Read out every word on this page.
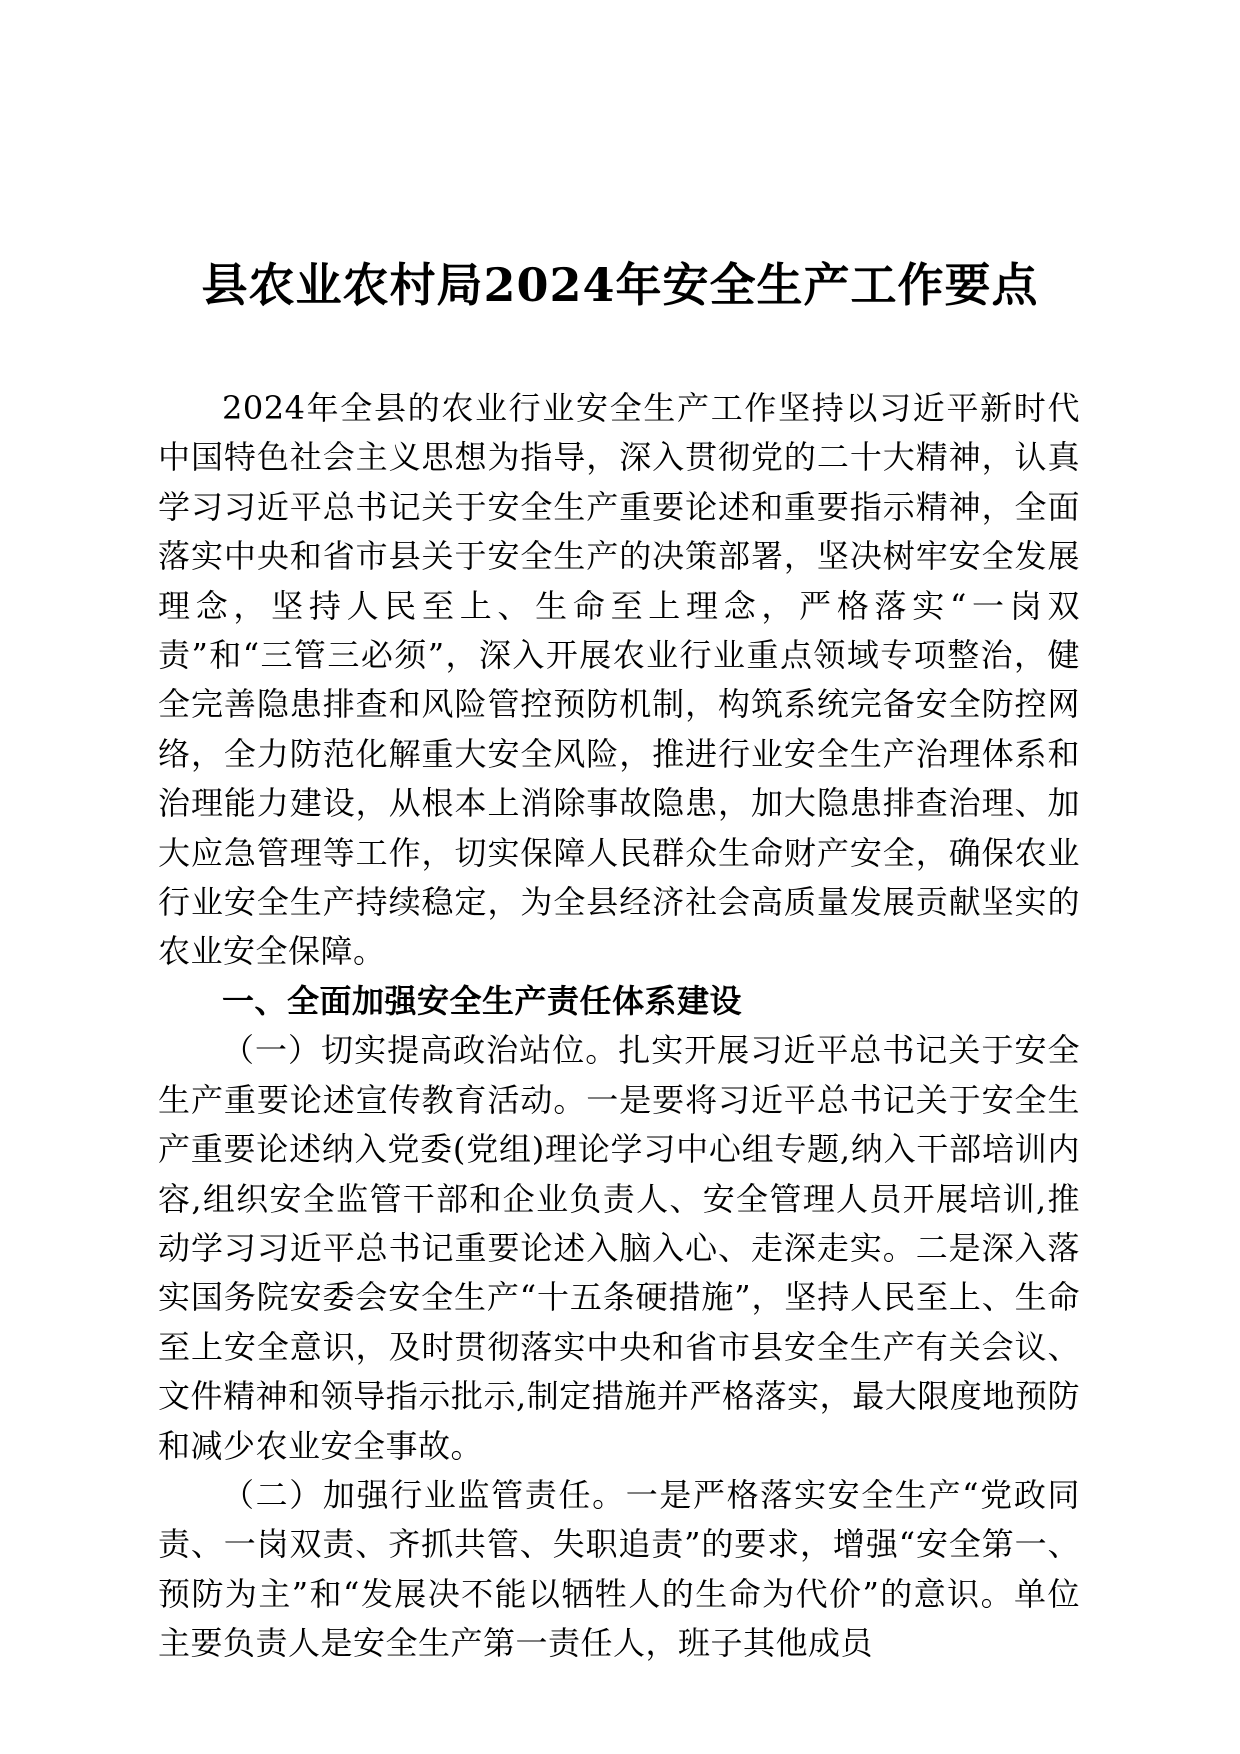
县农业农村局2024年安全生产工作要点

2024年全县的农业行业安全生产工作坚持以习近平新时代中国特色社会主义思想为指导，深入贯彻党的二十大精神，认真学习习近平总书记关于安全生产重要论述和重要指示精神，全面落实中央和省市县关于安全生产的决策部署，坚决树牢安全发展理念，坚持人民至上、生命至上理念，严格落实“一岗双责”和“三管三必须”，深入开展农业行业重点领域专项整治，健全完善隐患排查和风险管控预防机制，构筑系统完备安全防控网络，全力防范化解重大安全风险，推进行业安全生产治理体系和治理能力建设，从根本上消除事故隐患，加大隐患排查治理、加大应急管理等工作，切实保障人民群众生命财产安全，确保农业行业安全生产持续稳定，为全县经济社会高质量发展贡献坚实的农业安全保障。

一、全面加强安全生产责任体系建设

（一）切实提高政治站位。扎实开展习近平总书记关于安全生产重要论述宣传教育活动。一是要将习近平总书记关于安全生产重要论述纳入党委(党组)理论学习中心组专题,纳入干部培训内容,组织安全监管干部和企业负责人、安全管理人员开展培训,推动学习习近平总书记重要论述入脑入心、走深走实。二是深入落实国务院安委会安全生产“十五条硬措施”，坚持人民至上、生命至上安全意识，及时贯彻落实中央和省市县安全生产有关会议、文件精神和领导指示批示,制定措施并严格落实，最大限度地预防和减少农业安全事故。

（二）加强行业监管责任。一是严格落实安全生产“党政同责、一岗双责、齐抓共管、失职追责”的要求，增强“安全第一、预防为主”和“发展决不能以牺牲人的生命为代价”的意识。单位主要负责人是安全生产第一责任人，班子其他成员
